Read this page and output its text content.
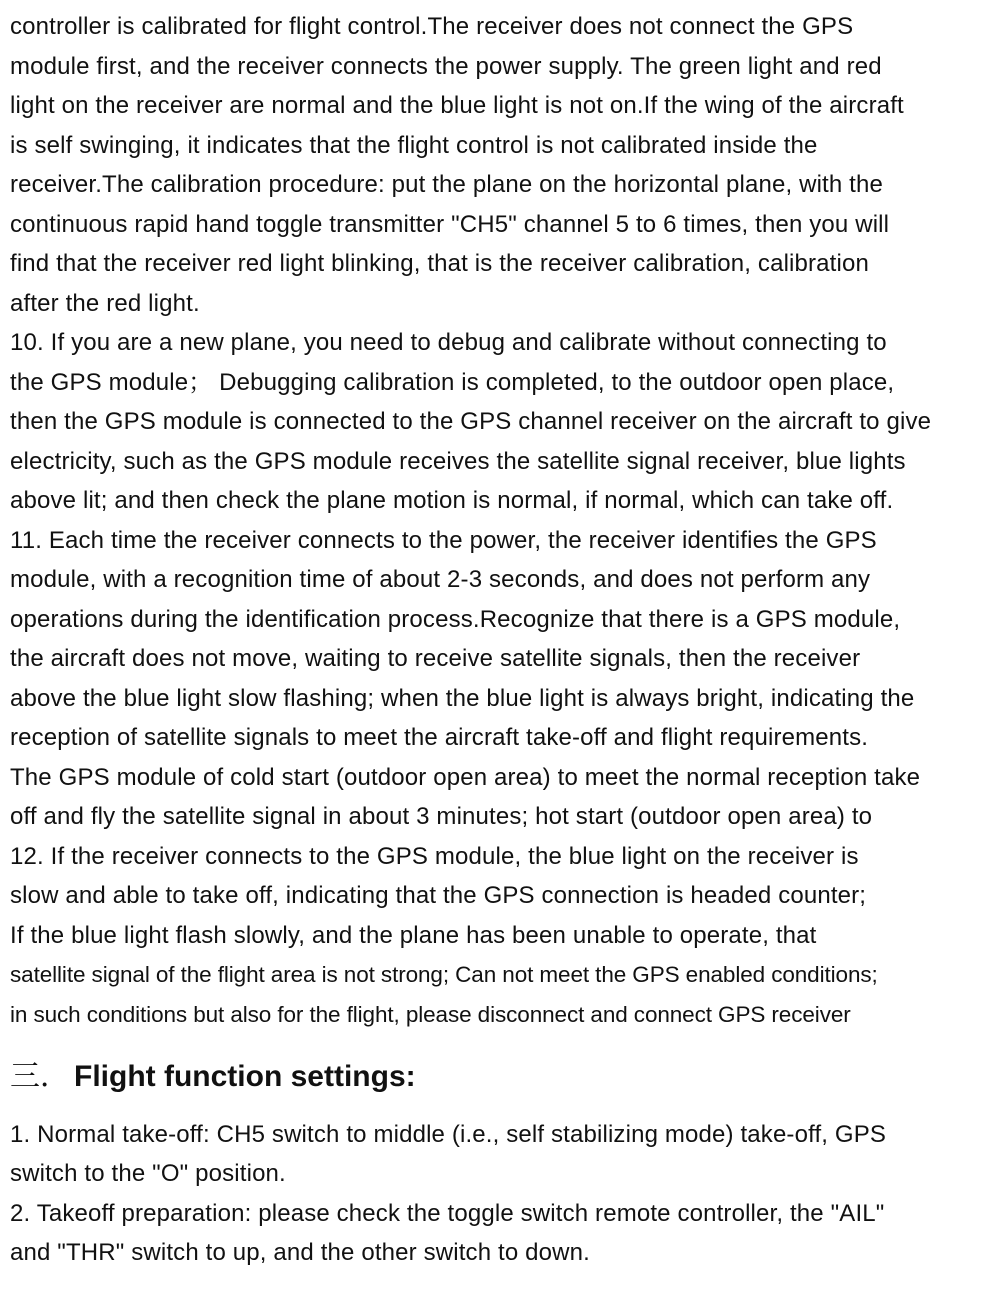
controller is calibrated for flight control.The receiver does not connect the GPS
module first, and the receiver connects the power supply. The green light and red
light on the receiver are normal and the blue light is not on.If the wing of the aircraft
is self swinging, it indicates that the flight control is not calibrated inside the
receiver.The calibration procedure: put the plane on the horizontal plane, with the
continuous rapid hand toggle transmitter "CH5" channel 5 to 6 times, then you will
find that the receiver red light blinking, that is the receiver calibration, calibration
after the red light.
10. If you are a new plane, you need to debug and calibrate without connecting to
the GPS module； Debugging calibration is completed, to the outdoor open place,
then the GPS module is connected to the GPS channel receiver on the aircraft to give
electricity, such as the GPS module receives the satellite signal receiver, blue lights
above lit; and then check the plane motion is normal, if normal, which can take off.
11. Each time the receiver connects to the power, the receiver identifies the GPS
module, with a recognition time of about 2-3 seconds, and does not perform any
operations during the identification process.Recognize that there is a GPS module,
the aircraft does not move, waiting to receive satellite signals, then the receiver
above the blue light slow flashing; when the blue light is always bright, indicating the
reception of satellite signals to meet the aircraft take-off and flight requirements.
The GPS module of cold start (outdoor open area) to meet the normal reception take
off and fly the satellite signal in about 3 minutes; hot start (outdoor open area) to
12. If the receiver connects to the GPS module, the blue light on the receiver is
slow and able to take off, indicating that the GPS connection is headed counter;
If the blue light flash slowly, and the plane has been unable to operate, that
satellite signal of the flight area is not strong; Can not meet the GPS enabled conditions;
in such conditions but also for the flight, please disconnect and connect GPS receiver
三． Flight function settings:
1. Normal take-off: CH5 switch to middle (i.e., self stabilizing mode) take-off, GPS
switch to the "O" position.
2. Takeoff preparation: please check the toggle switch remote controller, the "AIL"
and "THR" switch to up, and the other switch to down.
